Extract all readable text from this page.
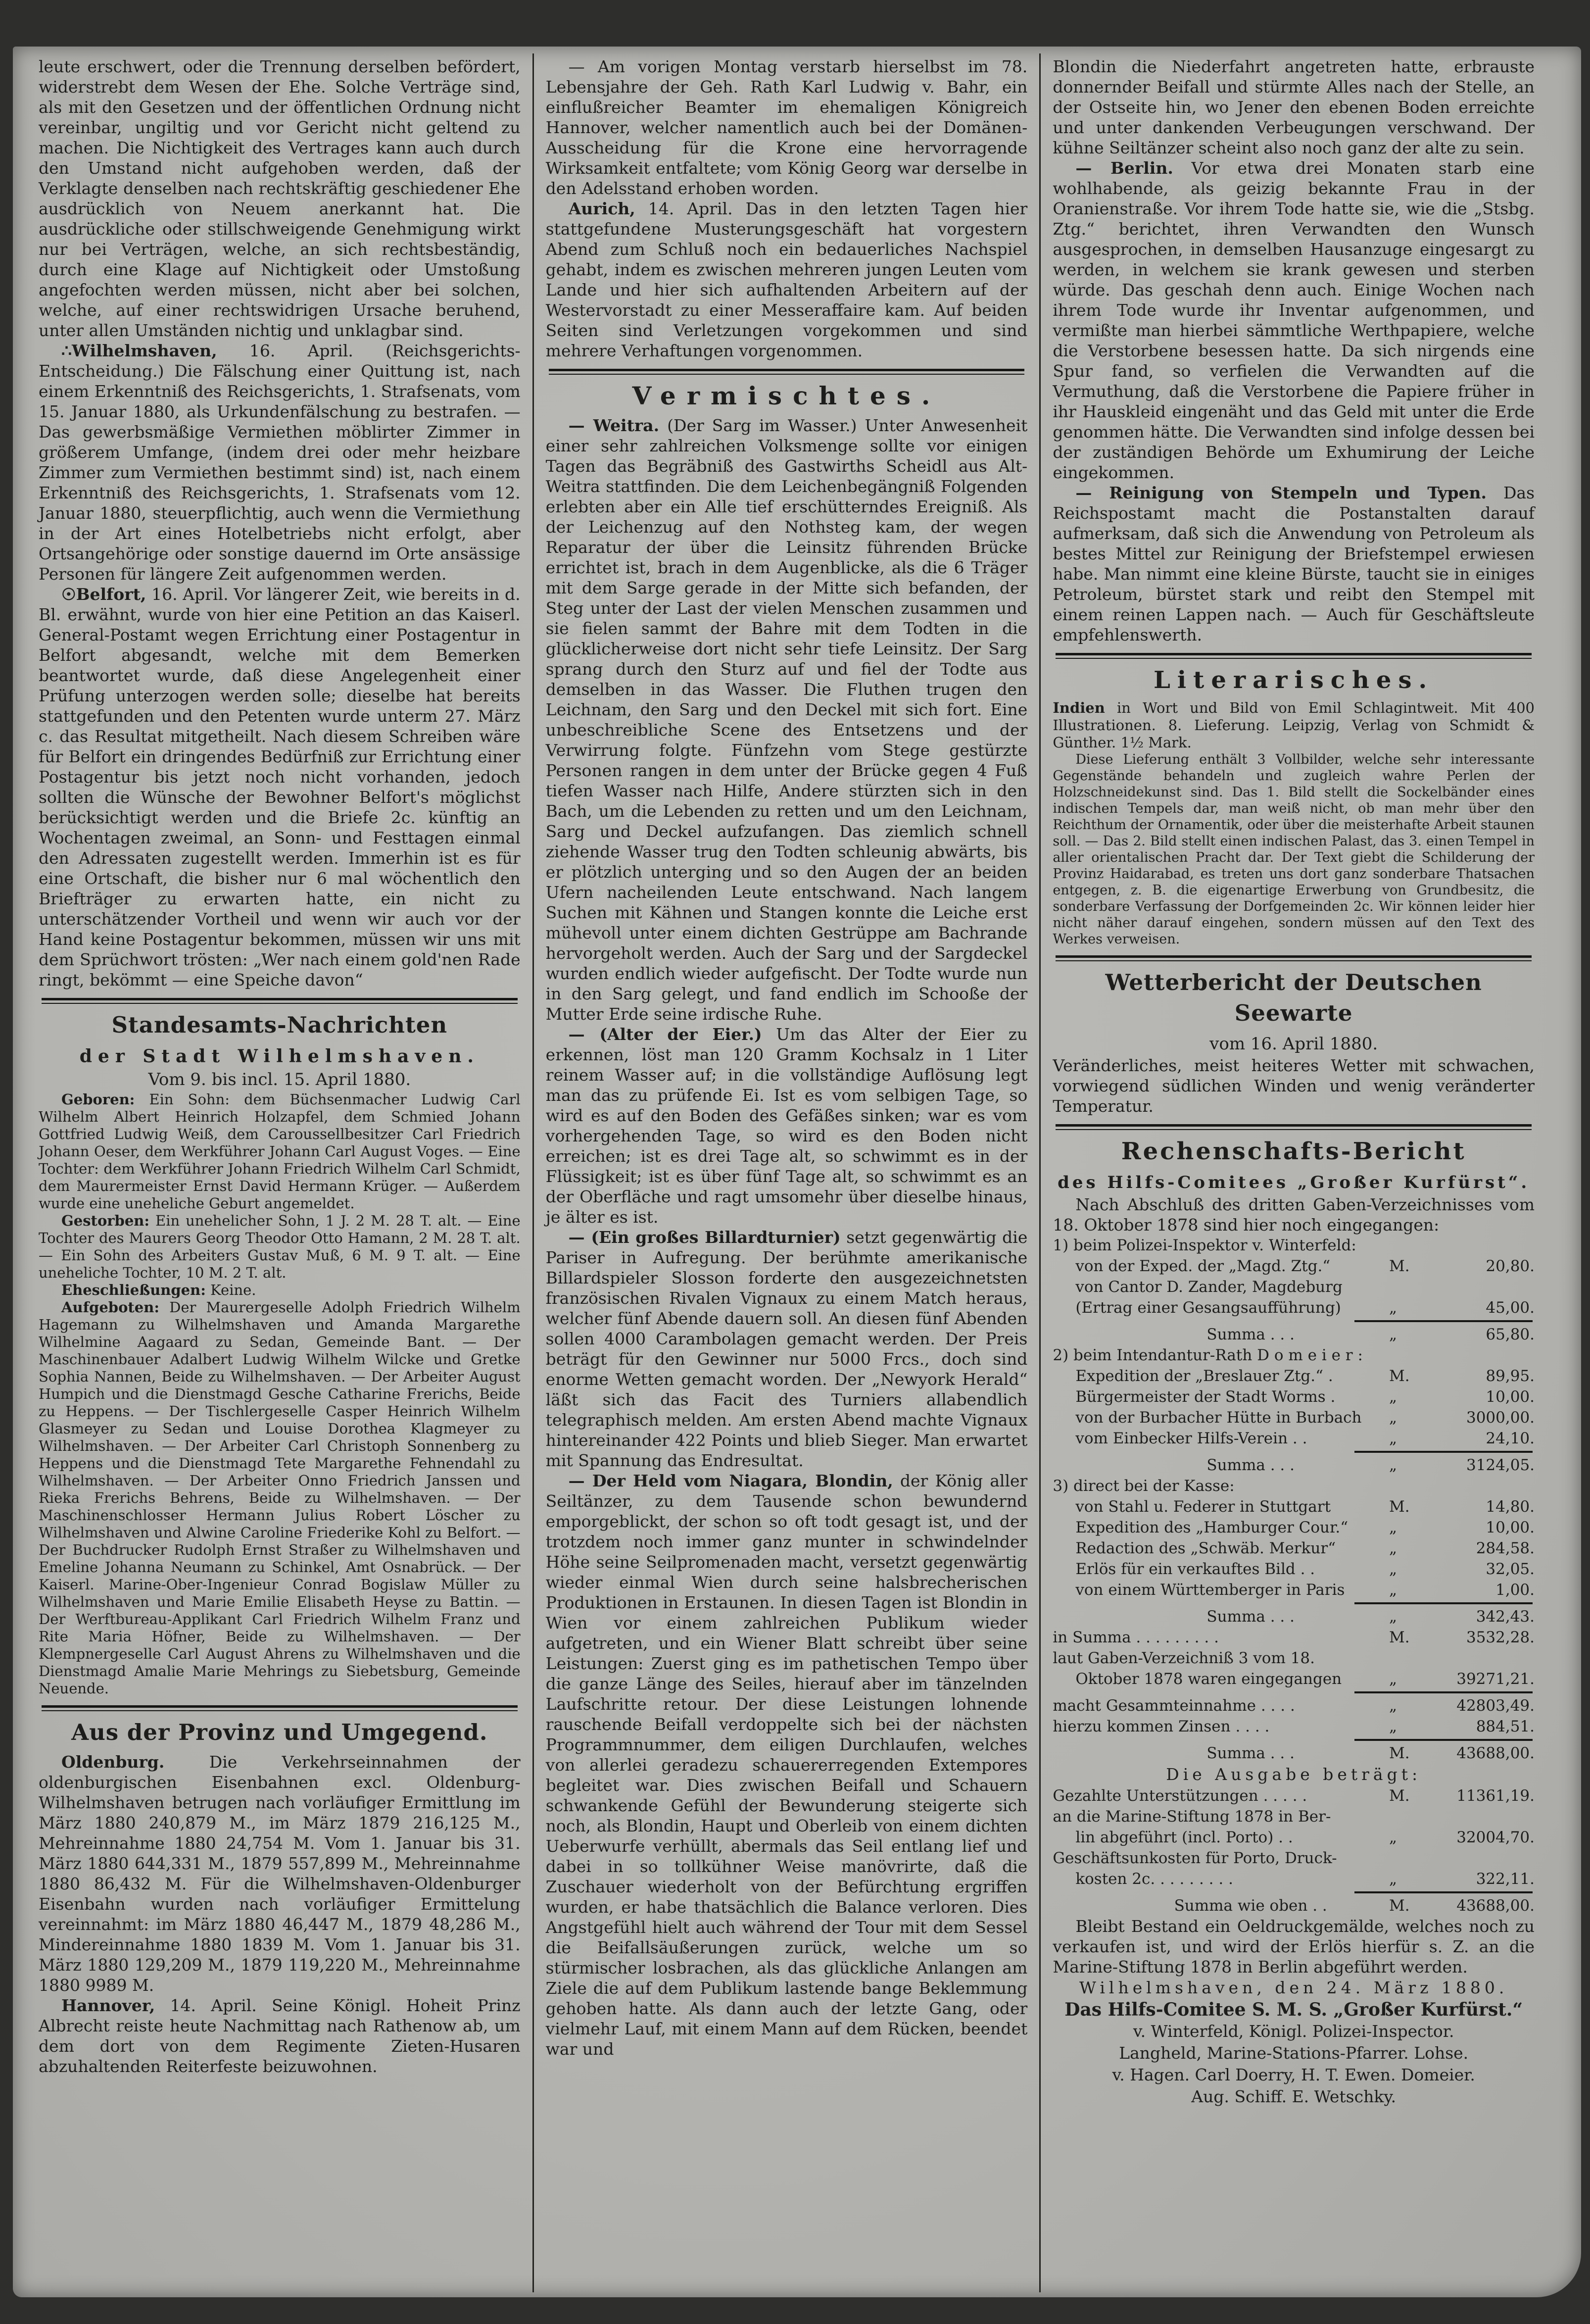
leute erschwert, oder die Trennung derselben befördert, widerstrebt dem Wesen der Ehe. Solche Verträge sind, als mit den Gesetzen und der öffentlichen Ordnung nicht vereinbar, ungiltig und vor Gericht nicht geltend zu machen. Die Nichtigkeit des Vertrages kann auch durch den Umstand nicht aufgehoben werden, daß der Verklagte denselben nach rechtskräftig geschiedener Ehe ausdrücklich von Neuem anerkannt hat. Die ausdrückliche oder stillschweigende Genehmigung wirkt nur bei Verträgen, welche, an sich rechtsbeständig, durch eine Klage auf Nichtigkeit oder Umstoßung angefochten werden müssen, nicht aber bei solchen, welche, auf einer rechtswidrigen Ursache beruhend, unter allen Umständen nichtig und unklagbar sind.

∴Wilhelmshaven, 16. April. (Reichsgerichts-Entscheidung.) Die Fälschung einer Quittung ist, nach einem Erkenntniß des Reichsgerichts, 1. Strafsenats, vom 15. Januar 1880, als Urkundenfälschung zu bestrafen. — Das gewerbsmäßige Vermiethen möblirter Zimmer in größerem Umfange, (indem drei oder mehr heizbare Zimmer zum Vermiethen bestimmt sind) ist, nach einem Erkenntniß des Reichsgerichts, 1. Strafsenats vom 12. Januar 1880, steuerpflichtig, auch wenn die Vermiethung in der Art eines Hotelbetriebs nicht erfolgt, aber Ortsangehörige oder sonstige dauernd im Orte ansässige Personen für längere Zeit aufgenommen werden.

☉Belfort, 16. April. Vor längerer Zeit, wie bereits in d. Bl. erwähnt, wurde von hier eine Petition an das Kaiserl. General-Postamt wegen Errichtung einer Postagentur in Belfort abgesandt, welche mit dem Bemerken beantwortet wurde, daß diese Angelegenheit einer Prüfung unterzogen werden solle; dieselbe hat bereits stattgefunden und den Petenten wurde unterm 27. März c. das Resultat mitgetheilt. Nach diesem Schreiben wäre für Belfort ein dringendes Bedürfniß zur Errichtung einer Postagentur bis jetzt noch nicht vorhanden, jedoch sollten die Wünsche der Bewohner Belfort's möglichst berücksichtigt werden und die Briefe 2c. künftig an Wochentagen zweimal, an Sonn- und Festtagen einmal den Adressaten zugestellt werden. Immerhin ist es für eine Ortschaft, die bisher nur 6 mal wöchentlich den Briefträger zu erwarten hatte, ein nicht zu unterschätzender Vortheil und wenn wir auch vor der Hand keine Postagentur bekommen, müssen wir uns mit dem Sprüchwort trösten: „Wer nach einem gold'nen Rade ringt, bekömmt — eine Speiche davon“

Standesamts-Nachrichten
der Stadt Wilhelmshaven.
Vom 9. bis incl. 15. April 1880.

Geboren: Ein Sohn: dem Büchsenmacher Ludwig Carl Wilhelm Albert Heinrich Holzapfel, dem Schmied Johann Gottfried Ludwig Weiß, dem Caroussellbesitzer Carl Friedrich Johann Oeser, dem Werkführer Johann Carl August Voges. — Eine Tochter: dem Werkführer Johann Friedrich Wilhelm Carl Schmidt, dem Maurermeister Ernst David Hermann Krüger. — Außerdem wurde eine uneheliche Geburt angemeldet.

Gestorben: Ein unehelicher Sohn, 1 J. 2 M. 28 T. alt. — Eine Tochter des Maurers Georg Theodor Otto Hamann, 2 M. 28 T. alt. — Ein Sohn des Arbeiters Gustav Muß, 6 M. 9 T. alt. — Eine uneheliche Tochter, 10 M. 2 T. alt.

Eheschließungen: Keine.

Aufgeboten: Der Maurergeselle Adolph Friedrich Wilhelm Hagemann zu Wilhelmshaven und Amanda Margarethe Wilhelmine Aagaard zu Sedan, Gemeinde Bant. — Der Maschinenbauer Adalbert Ludwig Wilhelm Wilcke und Gretke Sophia Nannen, Beide zu Wilhelmshaven. — Der Arbeiter August Humpich und die Dienstmagd Gesche Catharine Frerichs, Beide zu Heppens. — Der Tischlergeselle Casper Heinrich Wilhelm Glasmeyer zu Sedan und Louise Dorothea Klagmeyer zu Wilhelmshaven. — Der Arbeiter Carl Christoph Sonnenberg zu Heppens und die Dienstmagd Tete Margarethe Fehnendahl zu Wilhelmshaven. — Der Arbeiter Onno Friedrich Janssen und Rieka Frerichs Behrens, Beide zu Wilhelmshaven. — Der Maschinenschlosser Hermann Julius Robert Löscher zu Wilhelmshaven und Alwine Caroline Friederike Kohl zu Belfort. — Der Buchdrucker Rudolph Ernst Straßer zu Wilhelmshaven und Emeline Johanna Neumann zu Schinkel, Amt Osnabrück. — Der Kaiserl. Marine-Ober-Ingenieur Conrad Bogislaw Müller zu Wilhelmshaven und Marie Emilie Elisabeth Heyse zu Battin. — Der Werftbureau-Applikant Carl Friedrich Wilhelm Franz und Rite Maria Höfner, Beide zu Wilhelmshaven. — Der Klempnergeselle Carl August Ahrens zu Wilhelmshaven und die Dienstmagd Amalie Marie Mehrings zu Siebetsburg, Gemeinde Neuende.

Aus der Provinz und Umgegend.

Oldenburg. Die Verkehrseinnahmen der oldenburgischen Eisenbahnen excl. Oldenburg-Wilhelmshaven betrugen nach vorläufiger Ermittlung im März 1880 240,879 M., im März 1879 216,125 M., Mehreinnahme 1880 24,754 M. Vom 1. Januar bis 31. März 1880 644,331 M., 1879 557,899 M., Mehreinnahme 1880 86,432 M. Für die Wilhelmshaven-Oldenburger Eisenbahn wurden nach vorläufiger Ermittelung vereinnahmt: im März 1880 46,447 M., 1879 48,286 M., Mindereinnahme 1880 1839 M. Vom 1. Januar bis 31. März 1880 129,209 M., 1879 119,220 M., Mehreinnahme 1880 9989 M.

Hannover, 14. April. Seine Königl. Hoheit Prinz Albrecht reiste heute Nachmittag nach Rathenow ab, um dem dort von dem Regimente Zieten-Husaren abzuhaltenden Reiterfeste beizuwohnen.

— Am vorigen Montag verstarb hierselbst im 78. Lebensjahre der Geh. Rath Karl Ludwig v. Bahr, ein einflußreicher Beamter im ehemaligen Königreich Hannover, welcher namentlich auch bei der Domänen-Ausscheidung für die Krone eine hervorragende Wirksamkeit entfaltete; vom König Georg war derselbe in den Adelsstand erhoben worden.

Aurich, 14. April. Das in den letzten Tagen hier stattgefundene Musterungsgeschäft hat vorgestern Abend zum Schluß noch ein bedauerliches Nachspiel gehabt, indem es zwischen mehreren jungen Leuten vom Lande und hier sich aufhaltenden Arbeitern auf der Westervorstadt zu einer Messeraffaire kam. Auf beiden Seiten sind Verletzungen vorgekommen und sind mehrere Verhaftungen vorgenommen.

Vermischtes.

— Weitra. (Der Sarg im Wasser.) Unter Anwesenheit einer sehr zahlreichen Volksmenge sollte vor einigen Tagen das Begräbniß des Gastwirths Scheidl aus Alt-Weitra stattfinden. Die dem Leichenbegängniß Folgenden erlebten aber ein Alle tief erschütterndes Ereigniß. Als der Leichenzug auf den Nothsteg kam, der wegen Reparatur der über die Leinsitz führenden Brücke errichtet ist, brach in dem Augenblicke, als die 6 Träger mit dem Sarge gerade in der Mitte sich befanden, der Steg unter der Last der vielen Menschen zusammen und sie fielen sammt der Bahre mit dem Todten in die glücklicherweise dort nicht sehr tiefe Leinsitz. Der Sarg sprang durch den Sturz auf und fiel der Todte aus demselben in das Wasser. Die Fluthen trugen den Leichnam, den Sarg und den Deckel mit sich fort. Eine unbeschreibliche Scene des Entsetzens und der Verwirrung folgte. Fünfzehn vom Stege gestürzte Personen rangen in dem unter der Brücke gegen 4 Fuß tiefen Wasser nach Hilfe, Andere stürzten sich in den Bach, um die Lebenden zu retten und um den Leichnam, Sarg und Deckel aufzufangen. Das ziemlich schnell ziehende Wasser trug den Todten schleunig abwärts, bis er plötzlich unterging und so den Augen der an beiden Ufern nacheilenden Leute entschwand. Nach langem Suchen mit Kähnen und Stangen konnte die Leiche erst mühevoll unter einem dichten Gestrüppe am Bachrande hervorgeholt werden. Auch der Sarg und der Sargdeckel wurden endlich wieder aufgefischt. Der Todte wurde nun in den Sarg gelegt, und fand endlich im Schooße der Mutter Erde seine irdische Ruhe.

— (Alter der Eier.) Um das Alter der Eier zu erkennen, löst man 120 Gramm Kochsalz in 1 Liter reinem Wasser auf; in die vollständige Auflösung legt man das zu prüfende Ei. Ist es vom selbigen Tage, so wird es auf den Boden des Gefäßes sinken; war es vom vorhergehenden Tage, so wird es den Boden nicht erreichen; ist es drei Tage alt, so schwimmt es in der Flüssigkeit; ist es über fünf Tage alt, so schwimmt es an der Oberfläche und ragt umsomehr über dieselbe hinaus, je älter es ist.

— (Ein großes Billardturnier) setzt gegenwärtig die Pariser in Aufregung. Der berühmte amerikanische Billardspieler Slosson forderte den ausgezeichnetsten französischen Rivalen Vignaux zu einem Match heraus, welcher fünf Abende dauern soll. An diesen fünf Abenden sollen 4000 Carambolagen gemacht werden. Der Preis beträgt für den Gewinner nur 5000 Frcs., doch sind enorme Wetten gemacht worden. Der „Newyork Herald“ läßt sich das Facit des Turniers allabendlich telegraphisch melden. Am ersten Abend machte Vignaux hintereinander 422 Points und blieb Sieger. Man erwartet mit Spannung das Endresultat.

— Der Held vom Niagara, Blondin, der König aller Seiltänzer, zu dem Tausende schon bewundernd emporgeblickt, der schon so oft todt gesagt ist, und der trotzdem noch immer ganz munter in schwindelnder Höhe seine Seilpromenaden macht, versetzt gegenwärtig wieder einmal Wien durch seine halsbrecherischen Produktionen in Erstaunen. In diesen Tagen ist Blondin in Wien vor einem zahlreichen Publikum wieder aufgetreten, und ein Wiener Blatt schreibt über seine Leistungen: Zuerst ging es im pathetischen Tempo über die ganze Länge des Seiles, hierauf aber im tänzelnden Laufschritte retour. Der diese Leistungen lohnende rauschende Beifall verdoppelte sich bei der nächsten Programmnummer, dem eiligen Durchlaufen, welches von allerlei geradezu schauererregenden Extempores begleitet war. Dies zwischen Beifall und Schauern schwankende Gefühl der Bewunderung steigerte sich noch, als Blondin, Haupt und Oberleib von einem dichten Ueberwurfe verhüllt, abermals das Seil entlang lief und dabei in so tollkühner Weise manövrirte, daß die Zuschauer wiederholt von der Befürchtung ergriffen wurden, er habe thatsächlich die Balance verloren. Dies Angstgefühl hielt auch während der Tour mit dem Sessel die Beifallsäußerungen zurück, welche um so stürmischer losbrachen, als das glückliche Anlangen am Ziele die auf dem Publikum lastende bange Beklemmung gehoben hatte. Als dann auch der letzte Gang, oder vielmehr Lauf, mit einem Mann auf dem Rücken, beendet war und

Blondin die Niederfahrt angetreten hatte, erbrauste donnernder Beifall und stürmte Alles nach der Stelle, an der Ostseite hin, wo Jener den ebenen Boden erreichte und unter dankenden Verbeugungen verschwand. Der kühne Seiltänzer scheint also noch ganz der alte zu sein.

— Berlin. Vor etwa drei Monaten starb eine wohlhabende, als geizig bekannte Frau in der Oranienstraße. Vor ihrem Tode hatte sie, wie die „Stsbg. Ztg.“ berichtet, ihren Verwandten den Wunsch ausgesprochen, in demselben Hausanzuge eingesargt zu werden, in welchem sie krank gewesen und sterben würde. Das geschah denn auch. Einige Wochen nach ihrem Tode wurde ihr Inventar aufgenommen, und vermißte man hierbei sämmtliche Werthpapiere, welche die Verstorbene besessen hatte. Da sich nirgends eine Spur fand, so verfielen die Verwandten auf die Vermuthung, daß die Verstorbene die Papiere früher in ihr Hauskleid eingenäht und das Geld mit unter die Erde genommen hätte. Die Verwandten sind infolge dessen bei der zuständigen Behörde um Exhumirung der Leiche eingekommen.

— Reinigung von Stempeln und Typen. Das Reichspostamt macht die Postanstalten darauf aufmerksam, daß sich die Anwendung von Petroleum als bestes Mittel zur Reinigung der Briefstempel erwiesen habe. Man nimmt eine kleine Bürste, taucht sie in einiges Petroleum, bürstet stark und reibt den Stempel mit einem reinen Lappen nach. — Auch für Geschäftsleute empfehlenswerth.

Literarisches.

Indien in Wort und Bild von Emil Schlagintweit. Mit 400 Illustrationen. 8. Lieferung. Leipzig, Verlag von Schmidt & Günther. 1½ Mark.

Diese Lieferung enthält 3 Vollbilder, welche sehr interessante Gegenstände behandeln und zugleich wahre Perlen der Holzschneidekunst sind. Das 1. Bild stellt die Sockelbänder eines indischen Tempels dar, man weiß nicht, ob man mehr über den Reichthum der Ornamentik, oder über die meisterhafte Arbeit staunen soll. — Das 2. Bild stellt einen indischen Palast, das 3. einen Tempel in aller orientalischen Pracht dar. Der Text giebt die Schilderung der Provinz Haidarabad, es treten uns dort ganz sonderbare Thatsachen entgegen, z. B. die eigenartige Erwerbung von Grundbesitz, die sonderbare Verfassung der Dorfgemeinden 2c. Wir können leider hier nicht näher darauf eingehen, sondern müssen auf den Text des Werkes verweisen.

Wetterbericht der Deutschen Seewarte
vom 16. April 1880.

Veränderliches, meist heiteres Wetter mit schwachen, vorwiegend südlichen Winden und wenig veränderter Temperatur.

Rechenschafts-Bericht
des Hilfs-Comitees „Großer Kurfürst“.

Nach Abschluß des dritten Gaben-Verzeichnisses vom 18. Oktober 1878 sind hier noch eingegangen:

1) beim Polizei-Inspektor v. Winterfeld:
von der Exped. der „Magd. Ztg.“	M.	20,80.
von Cantor D. Zander, Magdeburg
(Ertrag einer Gesangsaufführung)	„	45,00.
Summa . . .	„	65,80.
2) beim Intendantur-Rath D o m e i e r :
Expedition der „Breslauer Ztg.“ .	M.	89,95.
Bürgermeister der Stadt Worms .	„	10,00.
von der Burbacher Hütte in Burbach	„	3000,00.
vom Einbecker Hilfs-Verein . .	„	24,10.
Summa . . .	„	3124,05.
3) direct bei der Kasse:
von Stahl u. Federer in Stuttgart	M.	14,80.
Expedition des „Hamburger Cour.“	„	10,00.
Redaction des „Schwäb. Merkur“	„	284,58.
Erlös für ein verkauftes Bild . .	„	32,05.
von einem Württemberger in Paris	„	1,00.
Summa . . .	„	342,43.
in Summa . . . . . . . . .	M.	3532,28.
laut Gaben-Verzeichniß 3 vom 18.
Oktober 1878 waren eingegangen	„	39271,21.
macht Gesammteinnahme . . . .	„	42803,49.
hierzu kommen Zinsen . . . .	„	884,51.
Summa . . .	M.	43688,00.
Die Ausgabe beträgt:
Gezahlte Unterstützungen . . . . .	M.	11361,19.
an die Marine-Stiftung 1878 in Ber-
lin abgeführt (incl. Porto) . .	„	32004,70.
Geschäftsunkosten für Porto, Druck-
kosten 2c. . . . . . . . .	„	322,11.
Summa wie oben . .	M.	43688,00.

Bleibt Bestand ein Oeldruckgemälde, welches noch zu verkaufen ist, und wird der Erlös hierfür s. Z. an die Marine-Stiftung 1878 in Berlin abgeführt werden.

Wilhelmshaven, den 24. März 1880.
Das Hilfs-Comitee S. M. S. „Großer Kurfürst.“
v. Winterfeld, Königl. Polizei-Inspector.
Langheld, Marine-Stations-Pfarrer. Lohse.
v. Hagen. Carl Doerry, H. T. Ewen. Domeier.
Aug. Schiff. E. Wetschky.
